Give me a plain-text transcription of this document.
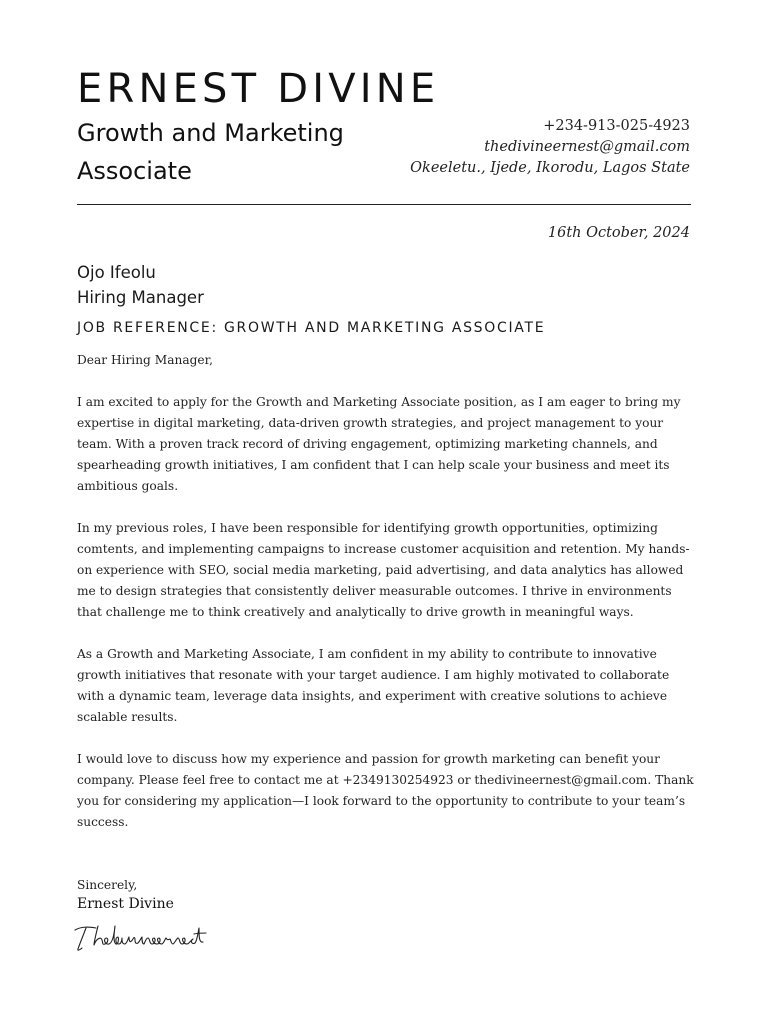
ERNEST DIVINE
Growth and Marketing
Associate
+234-913-025-4923
thedivineernest@gmail.com
Okeeletu., Ijede, Ikorodu, Lagos State
16th October, 2024
Ojo Ifeolu
Hiring Manager
JOB REFERENCE: GROWTH AND MARKETING ASSOCIATE

Dear Hiring Manager,

I am excited to apply for the Growth and Marketing Associate position, as I am eager to bring my expertise in digital marketing, data-driven growth strategies, and project management to your team. With a proven track record of driving engagement, optimizing marketing channels, and spearheading growth initiatives, I am confident that I can help scale your business and meet its ambitious goals.

In my previous roles, I have been responsible for identifying growth opportunities, optimizing comtents, and implementing campaigns to increase customer acquisition and retention. My hands-on experience with SEO, social media marketing, paid advertising, and data analytics has allowed me to design strategies that consistently deliver measurable outcomes. I thrive in environments that challenge me to think creatively and analytically to drive growth in meaningful ways.

As a Growth and Marketing Associate, I am confident in my ability to contribute to innovative growth initiatives that resonate with your target audience. I am highly motivated to collaborate with a dynamic team, leverage data insights, and experiment with creative solutions to achieve scalable results.

I would love to discuss how my experience and passion for growth marketing can benefit your company. Please feel free to contact me at +2349130254923 or thedivineernest@gmail.com. Thank you for considering my application—I look forward to the opportunity to contribute to your team’s success.

Sincerely,
Ernest Divine
